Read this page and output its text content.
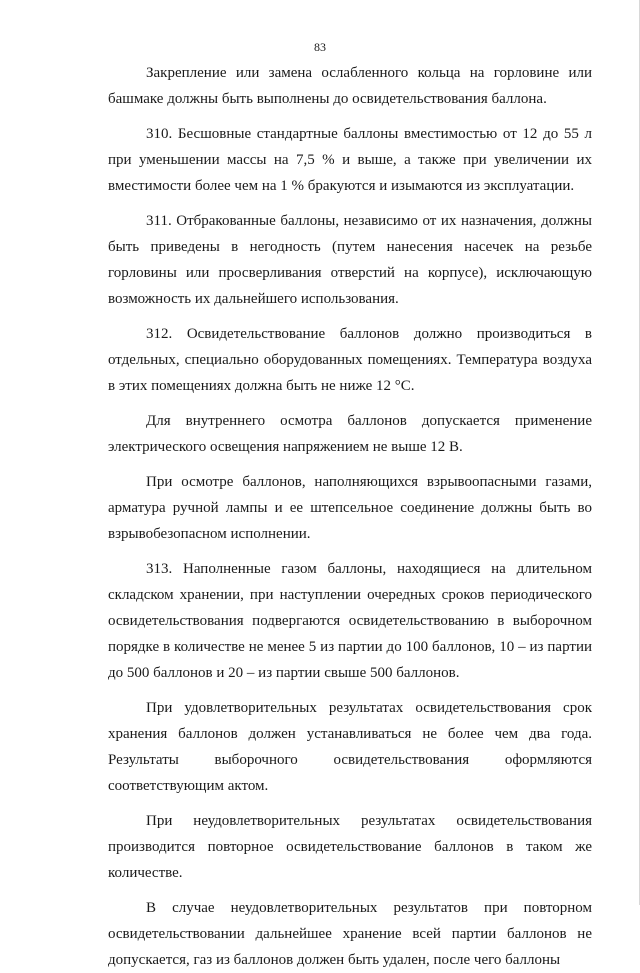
83

Закрепление или замена ослабленного кольца на горловине или башмаке должны быть выполнены до освидетельствования баллона.

310. Бесшовные стандартные баллоны вместимостью от 12 до 55 л при уменьшении массы на 7,5 % и выше, а также при увеличении их вместимости более чем на 1 % бракуются и изымаются из эксплуатации.

311. Отбракованные баллоны, независимо от их назначения, должны быть приведены в негодность (путем нанесения насечек на резьбе горловины или просверливания отверстий на корпусе), исключающую возможность их дальнейшего использования.

312. Освидетельствование баллонов должно производиться в отдельных, специально оборудованных помещениях. Температура воздуха в этих помещениях должна быть не ниже 12 °С.

Для внутреннего осмотра баллонов допускается применение электрического освещения напряжением не выше 12 В.

При осмотре баллонов, наполняющихся взрывоопасными газами, арматура ручной лампы и ее штепсельное соединение должны быть во взрывобезопасном исполнении.

313. Наполненные газом баллоны, находящиеся на длительном складском хранении, при наступлении очередных сроков периодического освидетельствования подвергаются освидетельствованию в выборочном порядке в количестве не менее 5 из партии до 100 баллонов, 10 – из партии до 500 баллонов и 20 – из партии свыше 500 баллонов.

При удовлетворительных результатах освидетельствования срок хранения баллонов должен устанавливаться не более чем два года. Результаты выборочного освидетельствования оформляются соответствующим актом.

При неудовлетворительных результатах освидетельствования производится повторное освидетельствование баллонов в таком же количестве.

В случае неудовлетворительных результатов при повторном освидетельствовании дальнейшее хранение всей партии баллонов не допускается, газ из баллонов должен быть удален, после чего баллоны
